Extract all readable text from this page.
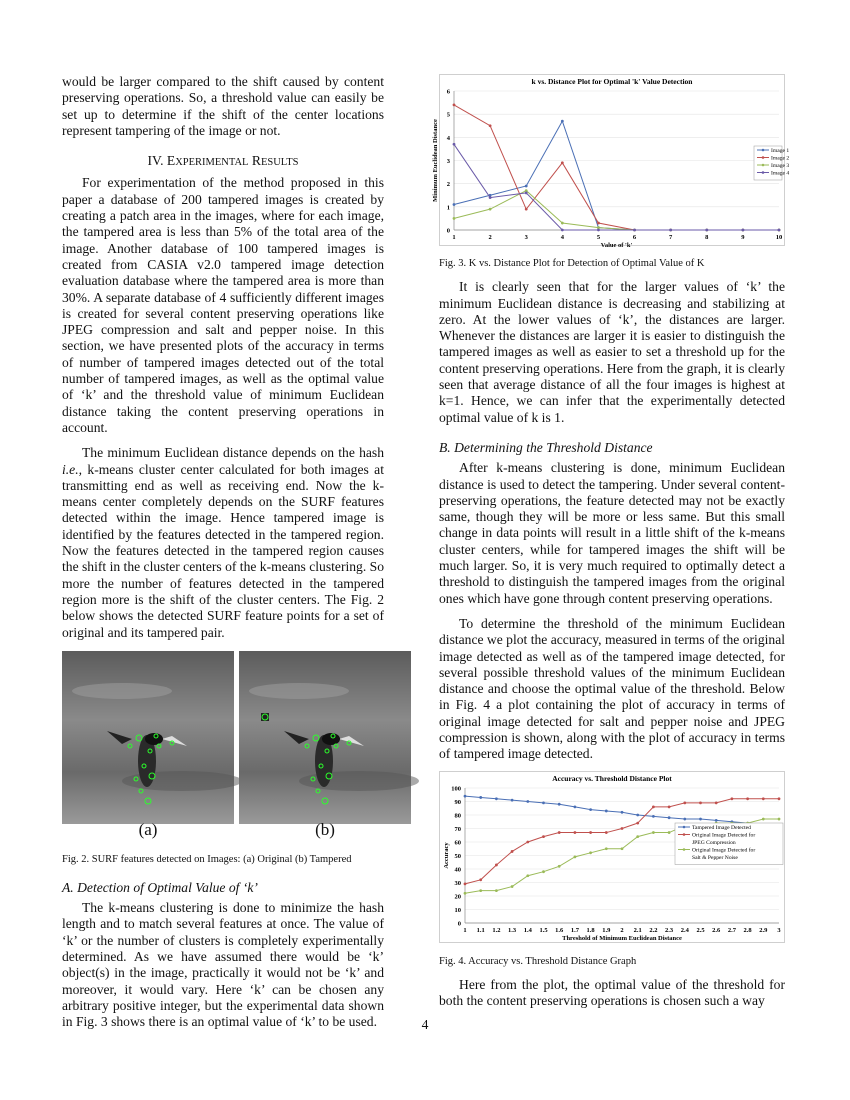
would be larger compared to the shift caused by content preserving operations. So, a threshold value can easily be set up to determine if the shift of the center locations represent tampering of the image or not.

IV. EXPERIMENTAL RESULTS

For experimentation of the method proposed in this paper a database of 200 tampered images is created by creating a patch area in the images, where for each image, the tampered area is less than 5% of the total area of the image. Another database of 100 tampered images is created from CASIA v2.0 tampered image detection evaluation database where the tampered area is more than 30%. A separate database of 4 sufficiently different images is created for several content preserving operations like JPEG compression and salt and pepper noise. In this section, we have presented plots of the accuracy in terms of number of tampered images detected out of the total number of tampered images, as well as the optimal value of ‘k’ and the threshold value of minimum Euclidean distance taking the content preserving operations in account.

The minimum Euclidean distance depends on the hash i.e., k-means cluster center calculated for both images at transmitting end as well as receiving end. Now the k-means center completely depends on the SURF features detected within the image. Hence tampered image is identified by the features detected in the tampered region. Now the features detected in the tampered region causes the shift in the cluster centers of the k-means clustering. So more the number of features detected in the tampered region more is the shift of the cluster centers. The Fig. 2 below shows the detected SURF feature points for a set of original and its tampered pair.

(a)	(b)
Fig. 2. SURF features detected on Images: (a) Original (b) Tampered
A. Detection of Optimal Value of ‘k’

The k-means clustering is done to minimize the hash length and to match several features at once. The value of ‘k’ or the number of clusters is completely experimentally determined. As we have assumed there would be ‘k’ object(s) in the image, practically it would not be ‘k’ and moreover, it would vary. Here ‘k’ can be chosen any arbitrary positive integer, but the experimental data shown in Fig. 3 shows there is an optimal value of ‘k’ to be used.

k vs. Distance Plot for Optimal 'k' Value Detection
0
1
2
3
4
5
6
1	2	3	4	5	6	7	8	9	10
Value of 'k'
Minimum Euclidean Distance	Image 1
Image 2
Image 3
Image 4
Fig. 3. K vs. Distance Plot for Detection of Optimal Value of K

It is clearly seen that for the larger values of ‘k’ the minimum Euclidean distance is decreasing and stabilizing at zero. At the lower values of ‘k’, the distances are larger. Whenever the distances are larger it is easier to distinguish the tampered images as well as easier to set a threshold up for the content preserving operations. Here from the graph, it is clearly seen that average distance of all the four images is highest at k=1. Hence, we can infer that the experimentally detected optimal value of k is 1.

B. Determining the Threshold Distance

After k-means clustering is done, minimum Euclidean distance is used to detect the tampering. Under several content-preserving operations, the feature detected may not be exactly same, though they will be more or less same. But this small change in data points will result in a little shift of the k-means cluster centers, while for tampered images the shift will be much larger. So, it is very much required to optimally detect a threshold to distinguish the tampered images from the original ones which have gone through content preserving operations.

To determine the threshold of the minimum Euclidean distance we plot the accuracy, measured in terms of the original image detected as well as of the tampered image detected, for several possible threshold values of the minimum Euclidean distance and choose the optimal value of the threshold. Below in Fig. 4 a plot containing the plot of accuracy in terms of original image detected for salt and pepper noise and JPEG compression is shown, along with the plot of accuracy in terms of tampered image detected.

Accuracy vs. Threshold Distance Plot
0
10
20
30
40
50
60
70
80
90
100
1 1.1 1.2 1.3 1.4 1.5 1.6 1.7 1.8 1.9 2 2.1 2.2 2.3 2.4 2.5 2.6 2.7 2.8 2.9 3
Threshold of Minimum Euclidean Distance
Accuracy
Tampered Image Detected
Original Image Detected for
JPEG Compression
Original Image Detected for
Salt & Pepper Noise
Fig. 4. Accuracy vs. Threshold Distance Graph

Here from the plot, the optimal value of the threshold for both the content preserving operations is chosen such a way

4
